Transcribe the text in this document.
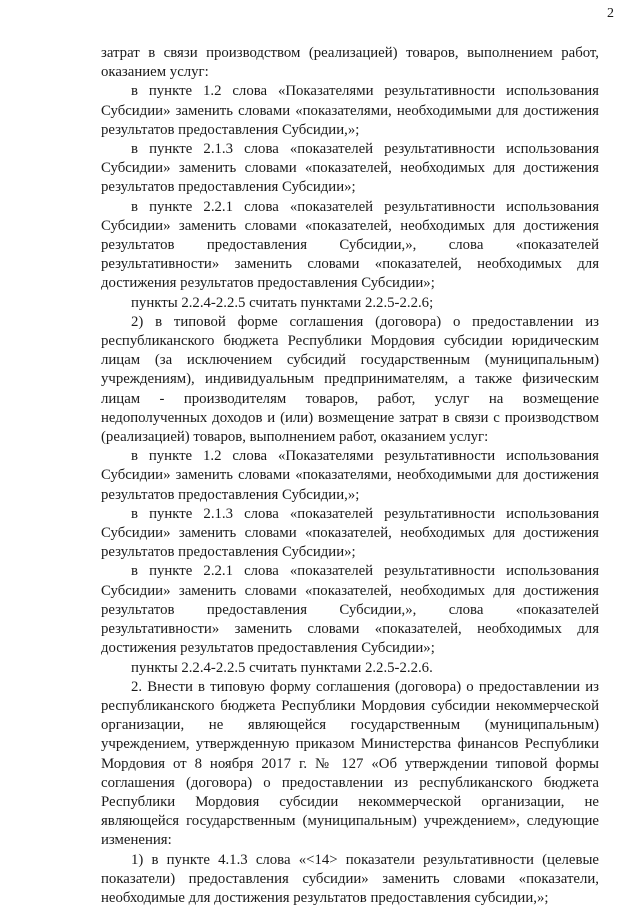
2

затрат в связи производством (реализацией) товаров, выполнением работ, оказанием услуг:

в пункте 1.2 слова «Показателями результативности использования Субсидии» заменить словами «показателями, необходимыми для достижения результатов предоставления Субсидии,»;

в пункте 2.1.3 слова «показателей результативности использования Субсидии» заменить словами «показателей, необходимых для достижения результатов предоставления Субсидии»;

в пункте 2.2.1 слова «показателей результативности использования Субсидии» заменить словами «показателей, необходимых для достижения результатов предоставления Субсидии,», слова «показателей результативности» заменить словами «показателей, необходимых для достижения результатов предоставления Субсидии»;

пункты 2.2.4-2.2.5 считать пунктами 2.2.5-2.2.6;

2) в типовой форме соглашения (договора) о предоставлении из республиканского бюджета Республики Мордовия субсидии юридическим лицам (за исключением субсидий государственным (муниципальным) учреждениям), индивидуальным предпринимателям, а также физическим лицам - производителям товаров, работ, услуг на возмещение недополученных доходов и (или) возмещение затрат в связи с производством (реализацией) товаров, выполнением работ, оказанием услуг:

в пункте 1.2 слова «Показателями результативности использования Субсидии» заменить словами «показателями, необходимыми для достижения результатов предоставления Субсидии,»;

в пункте 2.1.3 слова «показателей результативности использования Субсидии» заменить словами «показателей, необходимых для достижения результатов предоставления Субсидии»;

в пункте 2.2.1 слова «показателей результативности использования Субсидии» заменить словами «показателей, необходимых для достижения результатов предоставления Субсидии,», слова «показателей результативности» заменить словами «показателей, необходимых для достижения результатов предоставления Субсидии»;

пункты 2.2.4-2.2.5 считать пунктами 2.2.5-2.2.6.

2. Внести в типовую форму соглашения (договора) о предоставлении из республиканского бюджета Республики Мордовия субсидии некоммерческой организации, не являющейся государственным (муниципальным) учреждением, утвержденную приказом Министерства финансов Республики Мордовия от 8 ноября 2017 г. № 127 «Об утверждении типовой формы соглашения (договора) о предоставлении из республиканского бюджета Республики Мордовия субсидии некоммерческой организации, не являющейся государственным (муниципальным) учреждением», следующие изменения:

1) в пункте 4.1.3 слова «<14> показатели результативности (целевые показатели) предоставления субсидии» заменить словами «показатели, необходимые для достижения результатов предоставления субсидии,»;
